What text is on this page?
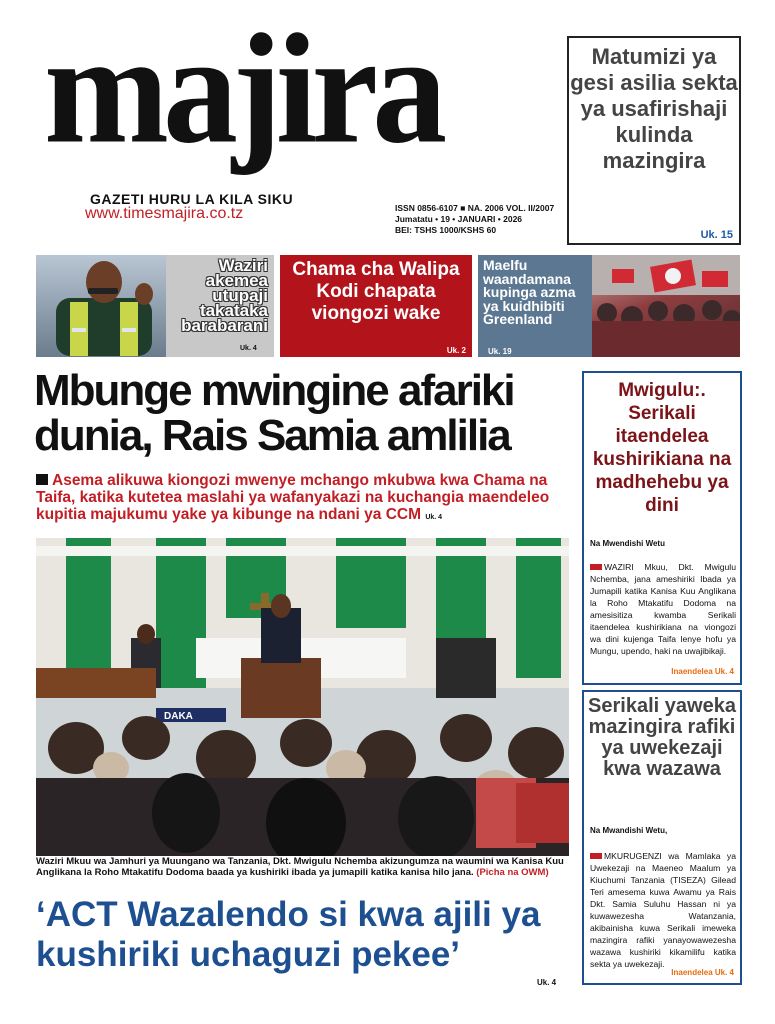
majira
GAZETI HURU LA KILA SIKU
www.timesmajira.co.tz	ISSN 0856-6107 ■ NA. 2006 VOL. II/2007
Jumatatu • 19 • JANUARI • 2026
BEI: TSHS 1000/KSHS 60
Matumizi ya gesi asilia sekta ya usafirishaji kulinda mazingira
Uk. 15
Waziri akemea utupaji takataka barabarani
Uk. 4
Chama cha Walipa Kodi chapata viongozi wake
Uk. 2
Maelfu waandamana kupinga azma ya kuidhibiti Greenland
Uk. 19
Mbunge mwingine afariki dunia, Rais Samia amlilia
Asema alikuwa kiongozi mwenye mchango mkubwa kwa Chama na Taifa, katika kutetea maslahi ya wafanyakazi na kuchangia maendeleo kupitia majukumu yake ya kibunge na ndani ya CCM Uk. 4
DAKA
Waziri Mkuu wa Jamhuri ya Muungano wa Tanzania, Dkt. Mwigulu Nchemba akizungumza na waumini wa Kanisa Kuu Anglikana la Roho Mtakatifu Dodoma baada ya kushiriki ibada ya jumapili katika kanisa hilo jana. (Picha na OWM)
‘ACT Wazalendo si kwa ajili ya kushiriki uchaguzi pekee’
Uk. 4
Mwigulu:. Serikali itaendelea kushirikiana na madhehebu ya dini
Na Mwendishi Wetu
WAZIRI Mkuu, Dkt. Mwigulu Nchemba, jana ameshiriki Ibada ya Jumapili katika Kanisa Kuu Anglikana la Roho Mtakatifu Dodoma na amesisitiza kwamba Serikali itaendelea kushirikiana na viongozi wa dini kujenga Taifa lenye hofu ya Mungu, upendo, haki na uwajibikaji.
Inaendelea Uk. 4
Serikali yaweka mazingira rafiki ya uwekezaji kwa wazawa
Na Mwandishi Wetu,
MKURUGENZI wa Mamlaka ya Uwekezaji na Maeneo Maalum ya Kiuchumi Tanzania (TISEZA) Gilead Teri amesema kuwa Awamu ya Rais Dkt. Samia Suluhu Hassan ni ya kuwawezesha Watanzania, akibainisha kuwa Serikali imeweka mazingira rafiki yanayowawezesha wazawa kushiriki kikamilifu katika sekta ya uwekezaji.
Inaendelea Uk. 4
